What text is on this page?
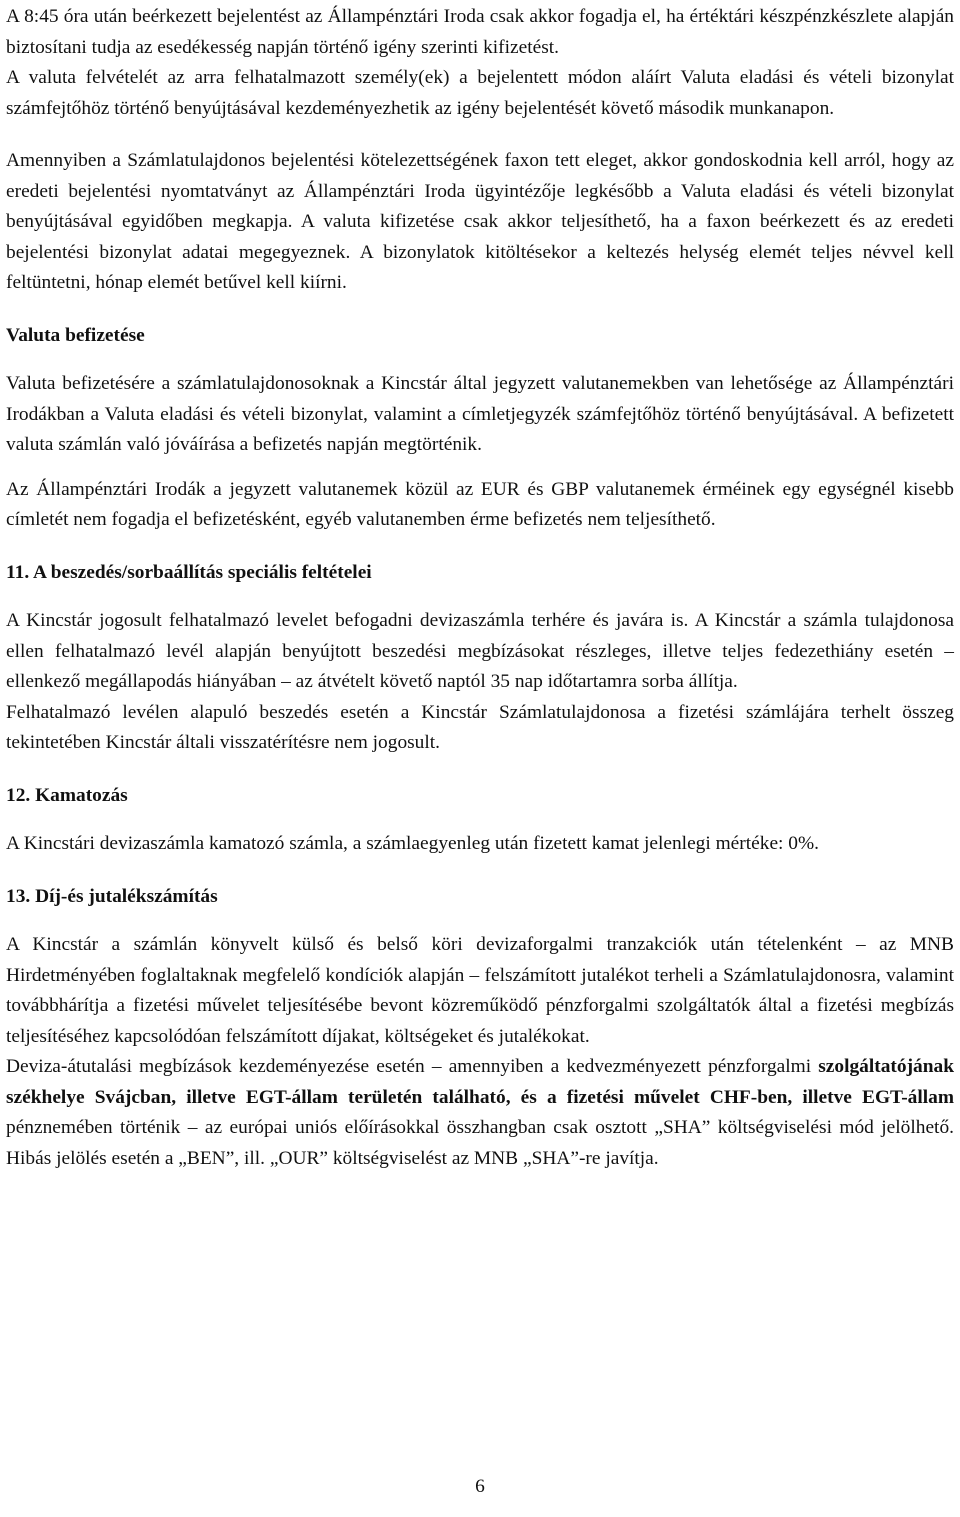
A 8:45 óra után beérkezett bejelentést az Állampénztári Iroda csak akkor fogadja el, ha értéktári készpénzkészlete alapján biztosítani tudja az esedékesség napján történő igény szerinti kifizetést.

A valuta felvételét az arra felhatalmazott személy(ek) a bejelentett módon aláírt Valuta eladási és vételi bizonylat számfejtőhöz történő benyújtásával kezdeményezhetik az igény bejelentését követő második munkanapon.

Amennyiben a Számlatulajdonos bejelentési kötelezettségének faxon tett eleget, akkor gondoskodnia kell arról, hogy az eredeti bejelentési nyomtatványt az Állampénztári Iroda ügyintézője legkésőbb a Valuta eladási és vételi bizonylat benyújtásával egyidőben megkapja. A valuta kifizetése csak akkor teljesíthető, ha a faxon beérkezett és az eredeti bejelentési bizonylat adatai megegyeznek. A bizonylatok kitöltésekor a keltezés helység elemét teljes névvel kell feltüntetni, hónap elemét betűvel kell kiírni.

Valuta befizetése

Valuta befizetésére a számlatulajdonosoknak a Kincstár által jegyzett valutanemekben van lehetősége az Állampénztári Irodákban a Valuta eladási és vételi bizonylat, valamint a címletjegyzék számfejtőhöz történő benyújtásával. A befizetett valuta számlán való jóváírása a befizetés napján megtörténik.

Az Állampénztári Irodák a jegyzett valutanemek közül az EUR és GBP valutanemek érméinek egy egységnél kisebb címletét nem fogadja el befizetésként, egyéb valutanemben érme befizetés nem teljesíthető.

11. A beszedés/sorbaállítás speciális feltételei

A Kincstár jogosult felhatalmazó levelet befogadni devizaszámla terhére és javára is. A Kincstár a számla tulajdonosa ellen felhatalmazó levél alapján benyújtott beszedési megbízásokat részleges, illetve teljes fedezethiány esetén – ellenkező megállapodás hiányában – az átvételt követő naptól 35 nap időtartamra sorba állítja.

Felhatalmazó levélen alapuló beszedés esetén a Kincstár Számlatulajdonosa a fizetési számlájára terhelt összeg tekintetében Kincstár általi visszatérítésre nem jogosult.

12. Kamatozás

A Kincstári devizaszámla kamatozó számla, a számlaegyenleg után fizetett kamat jelenlegi mértéke: 0%.

13. Díj-és jutalékszámítás

A Kincstár a számlán könyvelt külső és belső köri devizaforgalmi tranzakciók után tételenként – az MNB Hirdetményében foglaltaknak megfelelő kondíciók alapján – felszámított jutalékot terheli a Számlatulajdonosra, valamint továbbhárítja a fizetési művelet teljesítésébe bevont közreműködő pénzforgalmi szolgáltatók által a fizetési megbízás teljesítéséhez kapcsolódóan felszámított díjakat, költségeket és jutalékokat.

Deviza-átutalási megbízások kezdeményezése esetén – amennyiben a kedvezményezett pénzforgalmi szolgáltatójának székhelye Svájcban, illetve EGT-állam területén található, és a fizetési művelet CHF-ben, illetve EGT-állam pénznemében történik – az európai uniós előírásokkal összhangban csak osztott „SHA” költségviselési mód jelölhető. Hibás jelölés esetén a „BEN”, ill. „OUR” költségviselést az MNB „SHA”-re javítja.

6
